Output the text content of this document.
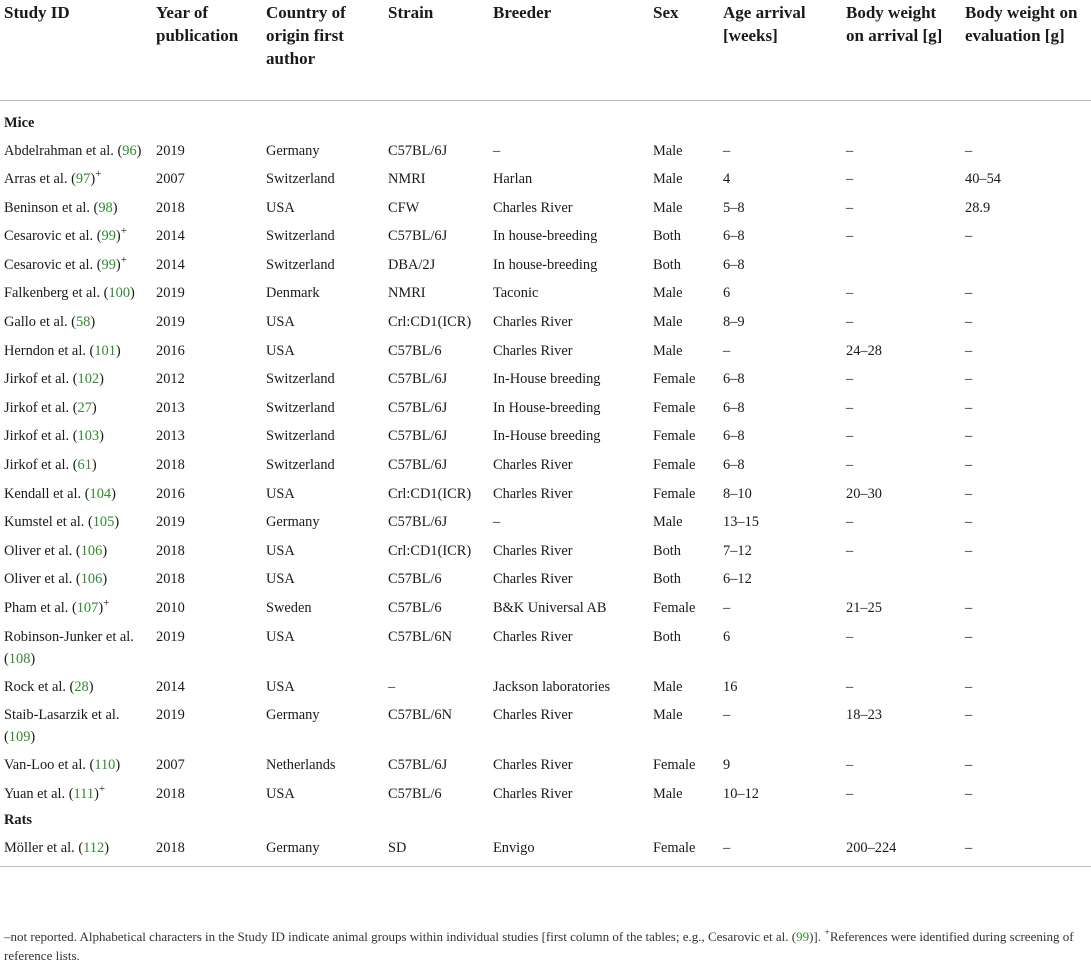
Study ID	Year of publication	Country of origin first author	Strain	Breeder	Sex	Age arrival [weeks]	Body weight on arrival [g]	Body weight on evaluation [g]
Mice								
Abdelrahman et al. (96)	2019	Germany	C57BL/6J	–	Male	–	–	–
Arras et al. (97)+	2007	Switzerland	NMRI	Harlan	Male	4	–	40–54
Beninson et al. (98)	2018	USA	CFW	Charles River	Male	5–8	–	28.9
Cesarovic et al. (99)+	2014	Switzerland	C57BL/6J	In house-breeding	Both	6–8	–	–
Cesarovic et al. (99)+	2014	Switzerland	DBA/2J	In house-breeding	Both	6–8		
Falkenberg et al. (100)	2019	Denmark	NMRI	Taconic	Male	6	–	–
Gallo et al. (58)	2019	USA	Crl:CD1(ICR)	Charles River	Male	8–9	–	–
Herndon et al. (101)	2016	USA	C57BL/6	Charles River	Male	–	24–28	–
Jirkof et al. (102)	2012	Switzerland	C57BL/6J	In-House breeding	Female	6–8	–	–
Jirkof et al. (27)	2013	Switzerland	C57BL/6J	In House-breeding	Female	6–8	–	–
Jirkof et al. (103)	2013	Switzerland	C57BL/6J	In-House breeding	Female	6–8	–	–
Jirkof et al. (61)	2018	Switzerland	C57BL/6J	Charles River	Female	6–8	–	–
Kendall et al. (104)	2016	USA	Crl:CD1(ICR)	Charles River	Female	8–10	20–30	–
Kumstel et al. (105)	2019	Germany	C57BL/6J	–	Male	13–15	–	–
Oliver et al. (106)	2018	USA	Crl:CD1(ICR)	Charles River	Both	7–12	–	–
Oliver et al. (106)	2018	USA	C57BL/6	Charles River	Both	6–12		
Pham et al. (107)+	2010	Sweden	C57BL/6	B&K Universal AB	Female	–	21–25	–
Robinson-Junker et al. (108)	2019	USA	C57BL/6N	Charles River	Both	6	–	–
Rock et al. (28)	2014	USA	–	Jackson laboratories	Male	16	–	–
Staib-Lasarzik et al. (109)	2019	Germany	C57BL/6N	Charles River	Male	–	18–23	–
Van-Loo et al. (110)	2007	Netherlands	C57BL/6J	Charles River	Female	9	–	–
Yuan et al. (111)+	2018	USA	C57BL/6	Charles River	Male	10–12	–	–
Rats								
Möller et al. (112)	2018	Germany	SD	Envigo	Female	–	200–224	–
–not reported. Alphabetical characters in the Study ID indicate animal groups within individual studies [first column of the tables; e.g., Cesarovic et al. (99)]. +References were identified during screening of reference lists.
